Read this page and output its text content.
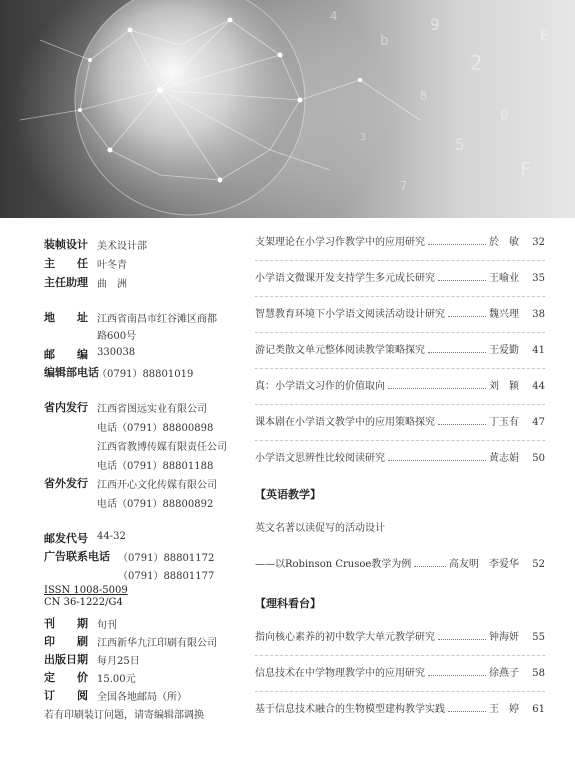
4
b
9
2
8
0
5
F
3
E
7
装帧设计 美术设计部
主　　任 叶冬青
主任助理 曲　洲
地　　址 江西省南昌市红谷滩区商都
路600号
邮　　编 330038
编辑部电话
（0791）88801019
省内发行 江西省图远实业有限公司
电话（0791）88800898
江西省教博传媒有限责任公司
电话（0791）88801188
省外发行 江西开心文化传媒有限公司
电话（0791）88800892
邮发代号 44-32
广告联系电话 （0791）88801172
（0791）88801177
ISSN 1008-5009
CN 36-1222/G4
刊　　期 旬刊
印　　刷 江西新华九江印刷有限公司
出版日期 每月25日
定　　价 15.00元
订　　阅 全国各地邮局（所）
若有印刷装订问题，请寄编辑部调换
支架理论在小学习作教学中的应用研究	於　敏	32
小学语文微课开发支持学生多元成长研究	王喻业	35
智慧教育环境下小学语文阅读活动设计研究	魏兴理	38
游记类散文单元整体阅读教学策略探究	王爱勤	41
真：小学语文习作的价值取向	刘　颖	44
课本剧在小学语文教学中的应用策略探究	丁玉有	47
小学语文思辨性比较阅读研究	黄志娟	50
【英语教学】
英文名著以读促写的活动设计
——以Robinson Crusoe教学为例	高友明　李爱华	52
【理科看台】
指向核心素养的初中数学大单元教学研究	钟海妍	55
信息技术在中学物理教学中的应用研究	徐燕子	58
基于信息技术融合的生物模型建构教学实践	王　婷	61
